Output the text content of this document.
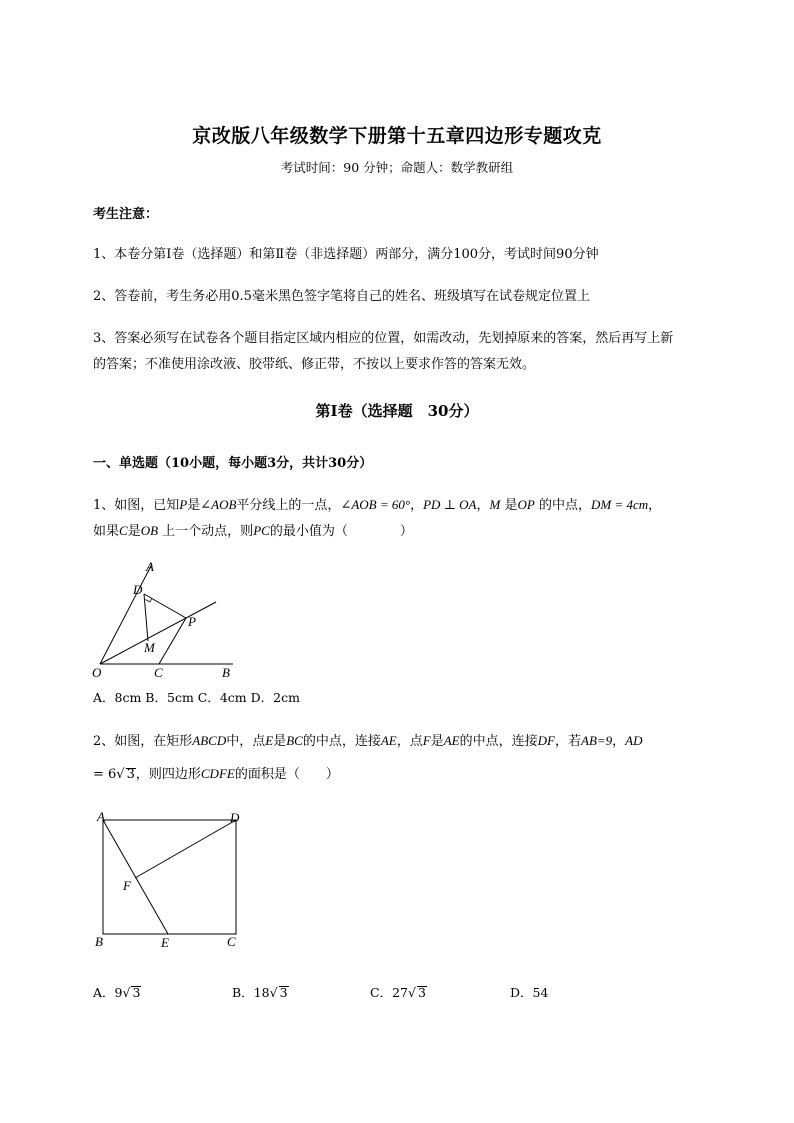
京改版八年级数学下册第十五章四边形专题攻克
考试时间：90 分钟；命题人：数学教研组
考生注意：
1、本卷分第Ⅰ卷（选择题）和第Ⅱ卷（非选择题）两部分，满分100分，考试时间90分钟
2、答卷前，考生务必用0.5毫米黑色签字笔将自己的姓名、班级填写在试卷规定位置上
3、答案必须写在试卷各个题目指定区域内相应的位置，如需改动，先划掉原来的答案，然后再写上新
的答案；不准使用涂改液、胶带纸、修正带，不按以上要求作答的答案无效。
第Ⅰ卷（选择题　30分）
一、单选题（10小题，每小题3分，共计30分）
1、如图，已知P是∠AOB平分线上的一点，∠AOB = 60°，PD ⊥ OA，M 是OP 的中点，DM = 4cm，
如果C是OB 上一个动点，则PC的最小值为（　　　　）
A
D
P
M
O	C	B
A．8cm B．5cm C．4cm D．2cm
2、如图，在矩形ABCD中，点E是BC的中点，连接AE，点F是AE的中点，连接DF，若AB=9，AD
= 6√ 3，则四边形CDFE的面积是（　　）
A	D
F
B	E	C
A．9√ 3	B．18√ 3	C．27√ 3	D．54
